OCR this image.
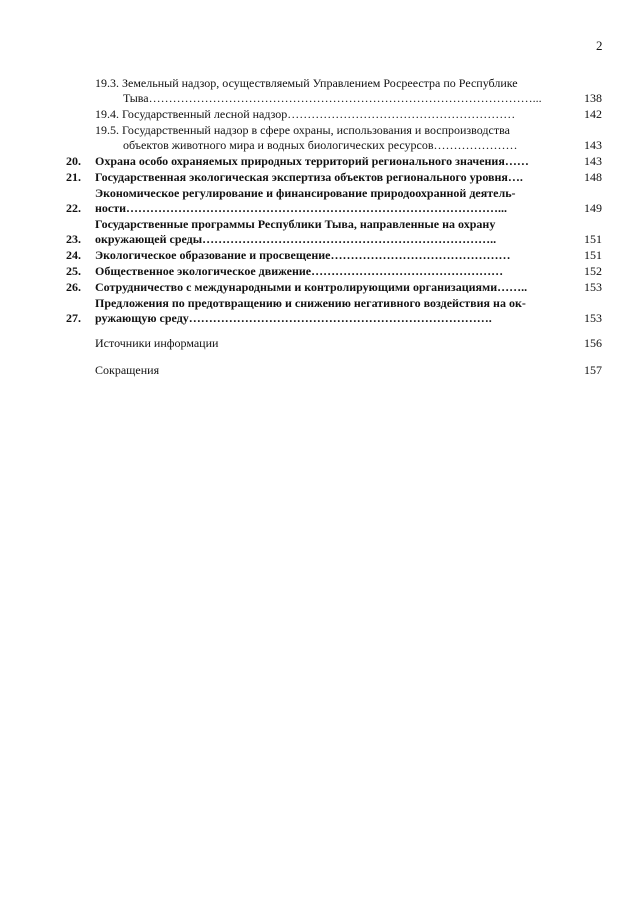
2
19.3. Земельный надзор, осуществляемый Управлением Росреестра по Республике
Тыва……………………………………………………………………………………...	138
19.4. Государственный лесной надзор…………………………………………………	142
19.5. Государственный надзор в сфере охраны, использования и воспроизводства
объектов животного мира и водных биологических ресурсов…………………	143
20.	Охрана особо охраняемых природных территорий регионального значения……	143
21.	Государственная экологическая экспертиза объектов регионального уровня….	148
22.
Экономическое регулирование и финансирование природоохранной деятель-
ности…………………………………………………………………………………...	149
23.
Государственные программы Республики Тыва, направленные на охрану
окружающей среды………………………………………………………………..	151
24.	Экологическое образование и просвещение………………………………………	151
25.	Общественное экологическое движение…………………………………………	152
26.	Сотрудничество с международными и контролирующими организациями……..	153
27.
Предложения по предотвращению и снижению негативного воздействия на ок-
ружающую среду………………………………………………………………….	153
Источники информации	156
Сокращения	157
